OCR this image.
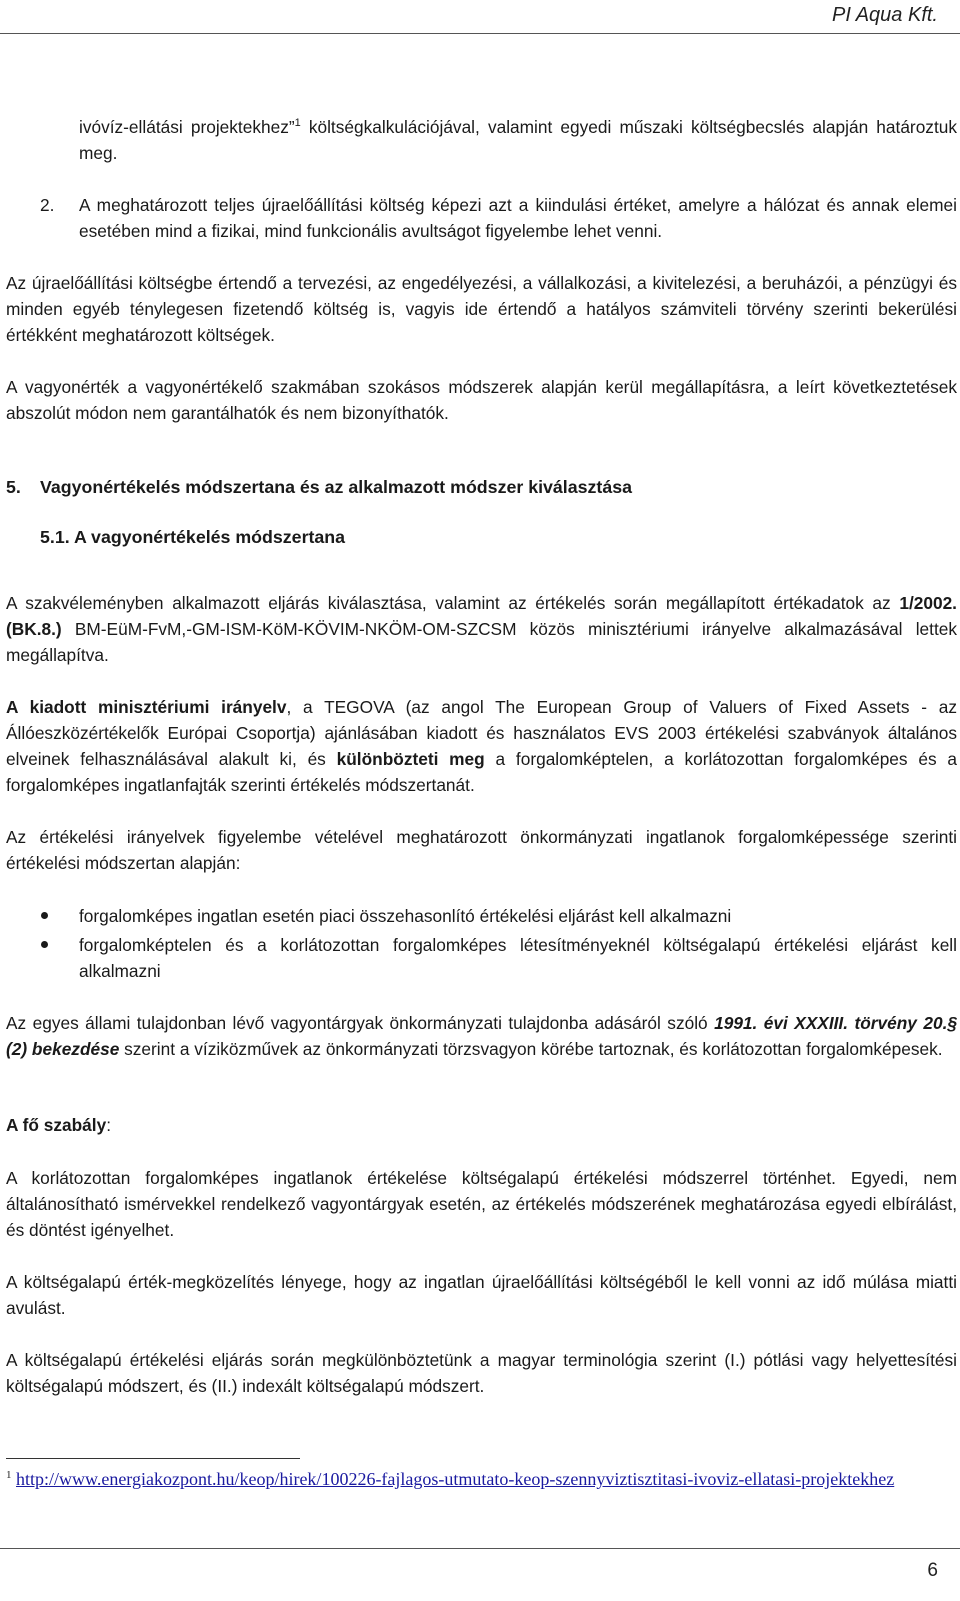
PI Aqua Kft.
ivóvíz-ellátási projektekhez”$^1$ költségkalkulációjával, valamint egyedi műszaki költségbecslés alapján határoztuk meg.
2.	A meghatározott teljes újraelőállítási költség képezi azt a kiindulási értéket, amelyre a hálózat és annak elemei esetében mind a fizikai, mind funkcionális avultságot figyelembe lehet venni.
Az újraelőállítási költségbe értendő a tervezési, az engedélyezési, a vállalkozási, a kivitelezési, a beruházói, a pénzügyi és minden egyéb ténylegesen fizetendő költség is, vagyis ide értendő a hatályos számviteli törvény szerinti bekerülési értékként meghatározott költségek.
A vagyonérték a vagyonértékelő szakmában szokásos módszerek alapján kerül megállapításra, a leírt következtetések abszolút módon nem garantálhatók és nem bizonyíthatók.
5. Vagyonértékelés módszertana és az alkalmazott módszer kiválasztása
5.1. A vagyonértékelés módszertana
A szakvéleményben alkalmazott eljárás kiválasztása, valamint az értékelés során megállapított értékadatok az 1/2002.(BK.8.) BM-EüM-FvM,-GM-ISM-KöM-KÖVIM-NKÖM-OM-SZCSM közös minisztériumi irányelve alkalmazásával lettek megállapítva.
A kiadott minisztériumi irányelv, a TEGOVA (az angol The European Group of Valuers of Fixed Assets - az Állóeszközértékelők Európai Csoportja) ajánlásában kiadott és használatos EVS 2003 értékelési szabványok általános elveinek felhasználásával alakult ki, és különbözteti meg a forgalomképtelen, a korlátozottan forgalomképes és a forgalomképes ingatlanfajták szerinti értékelés módszertanát.
Az értékelési irányelvek figyelembe vételével meghatározott önkormányzati ingatlanok forgalomképessége szerinti értékelési módszertan alapján:
forgalomképes ingatlan esetén piaci összehasonlító értékelési eljárást kell alkalmazni
forgalomképtelen és a korlátozottan forgalomképes létesítményeknél költségalapú értékelési eljárást kell alkalmazni
Az egyes állami tulajdonban lévő vagyontárgyak önkormányzati tulajdonba adásáról szóló 1991. évi XXXIII. törvény 20.§ (2) bekezdése szerint a víziközművek az önkormányzati törzsvagyon körébe tartoznak, és korlátozottan forgalomképesek.
A fő szabály:
A korlátozottan forgalomképes ingatlanok értékelése költségalapú értékelési módszerrel történhet. Egyedi, nem általánosítható ismérvekkel rendelkező vagyontárgyak esetén, az értékelés módszerének meghatározása egyedi elbírálást, és döntést igényelhet.
A költségalapú érték-megközelítés lényege, hogy az ingatlan újraelőállítási költségéből le kell vonni az idő múlása miatti avulást.
A költségalapú értékelési eljárás során megkülönböztetünk a magyar terminológia szerint (I.) pótlási vagy helyettesítési költségalapú módszert, és (II.) indexált költségalapú módszert.
$^1$ http://www.energiakozpont.hu/keop/hirek/100226-fajlagos-utmutato-keop-szennyviztisztitasi-ivoviz-ellatasi-projektekhez
6
